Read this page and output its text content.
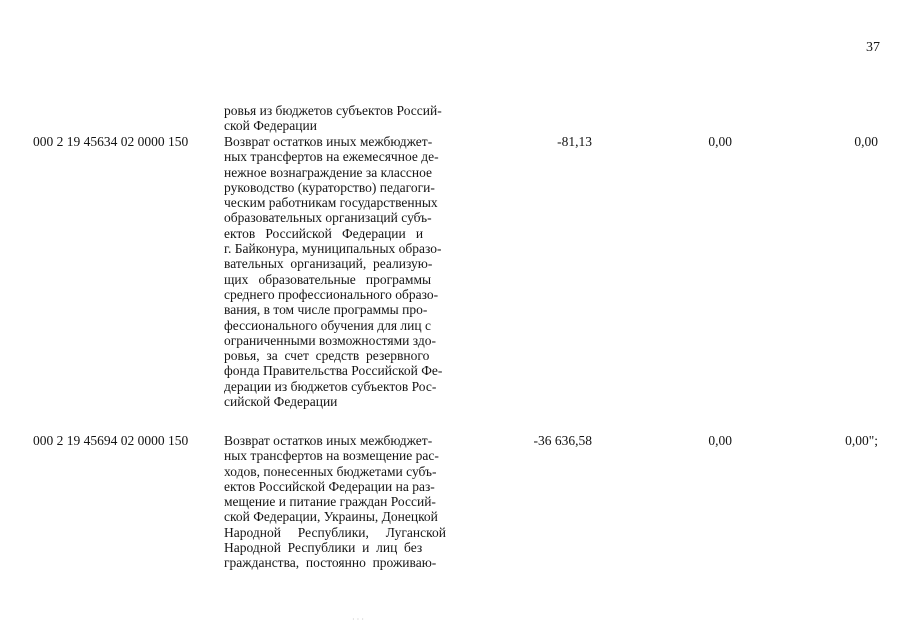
37
ровья из бюджетов субъектов Россий-
ской Федерации
000 2 19 45634 02 0000 150	Возврат остатков иных межбюджет-
ных трансфертов на ежемесячное де-
нежное вознаграждение за классное
руководство (кураторство) педагоги-
ческим работникам государственных
образовательных организаций субъ-
ектов   Российской   Федерации   и
г. Байконура, муниципальных образо-
вательных  организаций,  реализую-
щих   образовательные   программы
среднего профессионального образо-
вания, в том числе программы про-
фессионального обучения для лиц с
ограниченными возможностями здо-
ровья,  за  счет  средств  резервного
фонда Правительства Российской Фе-
дерации из бюджетов субъектов Рос-
сийской Федерации
-81,13	0,00	0,00
000 2 19 45694 02 0000 150	Возврат остатков иных межбюджет-
ных трансфертов на возмещение рас-
ходов, понесенных бюджетами субъ-
ектов Российской Федерации на раз-
мещение и питание граждан Россий-
ской Федерации, Украины, Донецкой
Народной     Республики,     Луганской
Народной  Республики  и  лиц  без
гражданства,  постоянно  проживаю-
-36 636,58	0,00	0,00";
···
